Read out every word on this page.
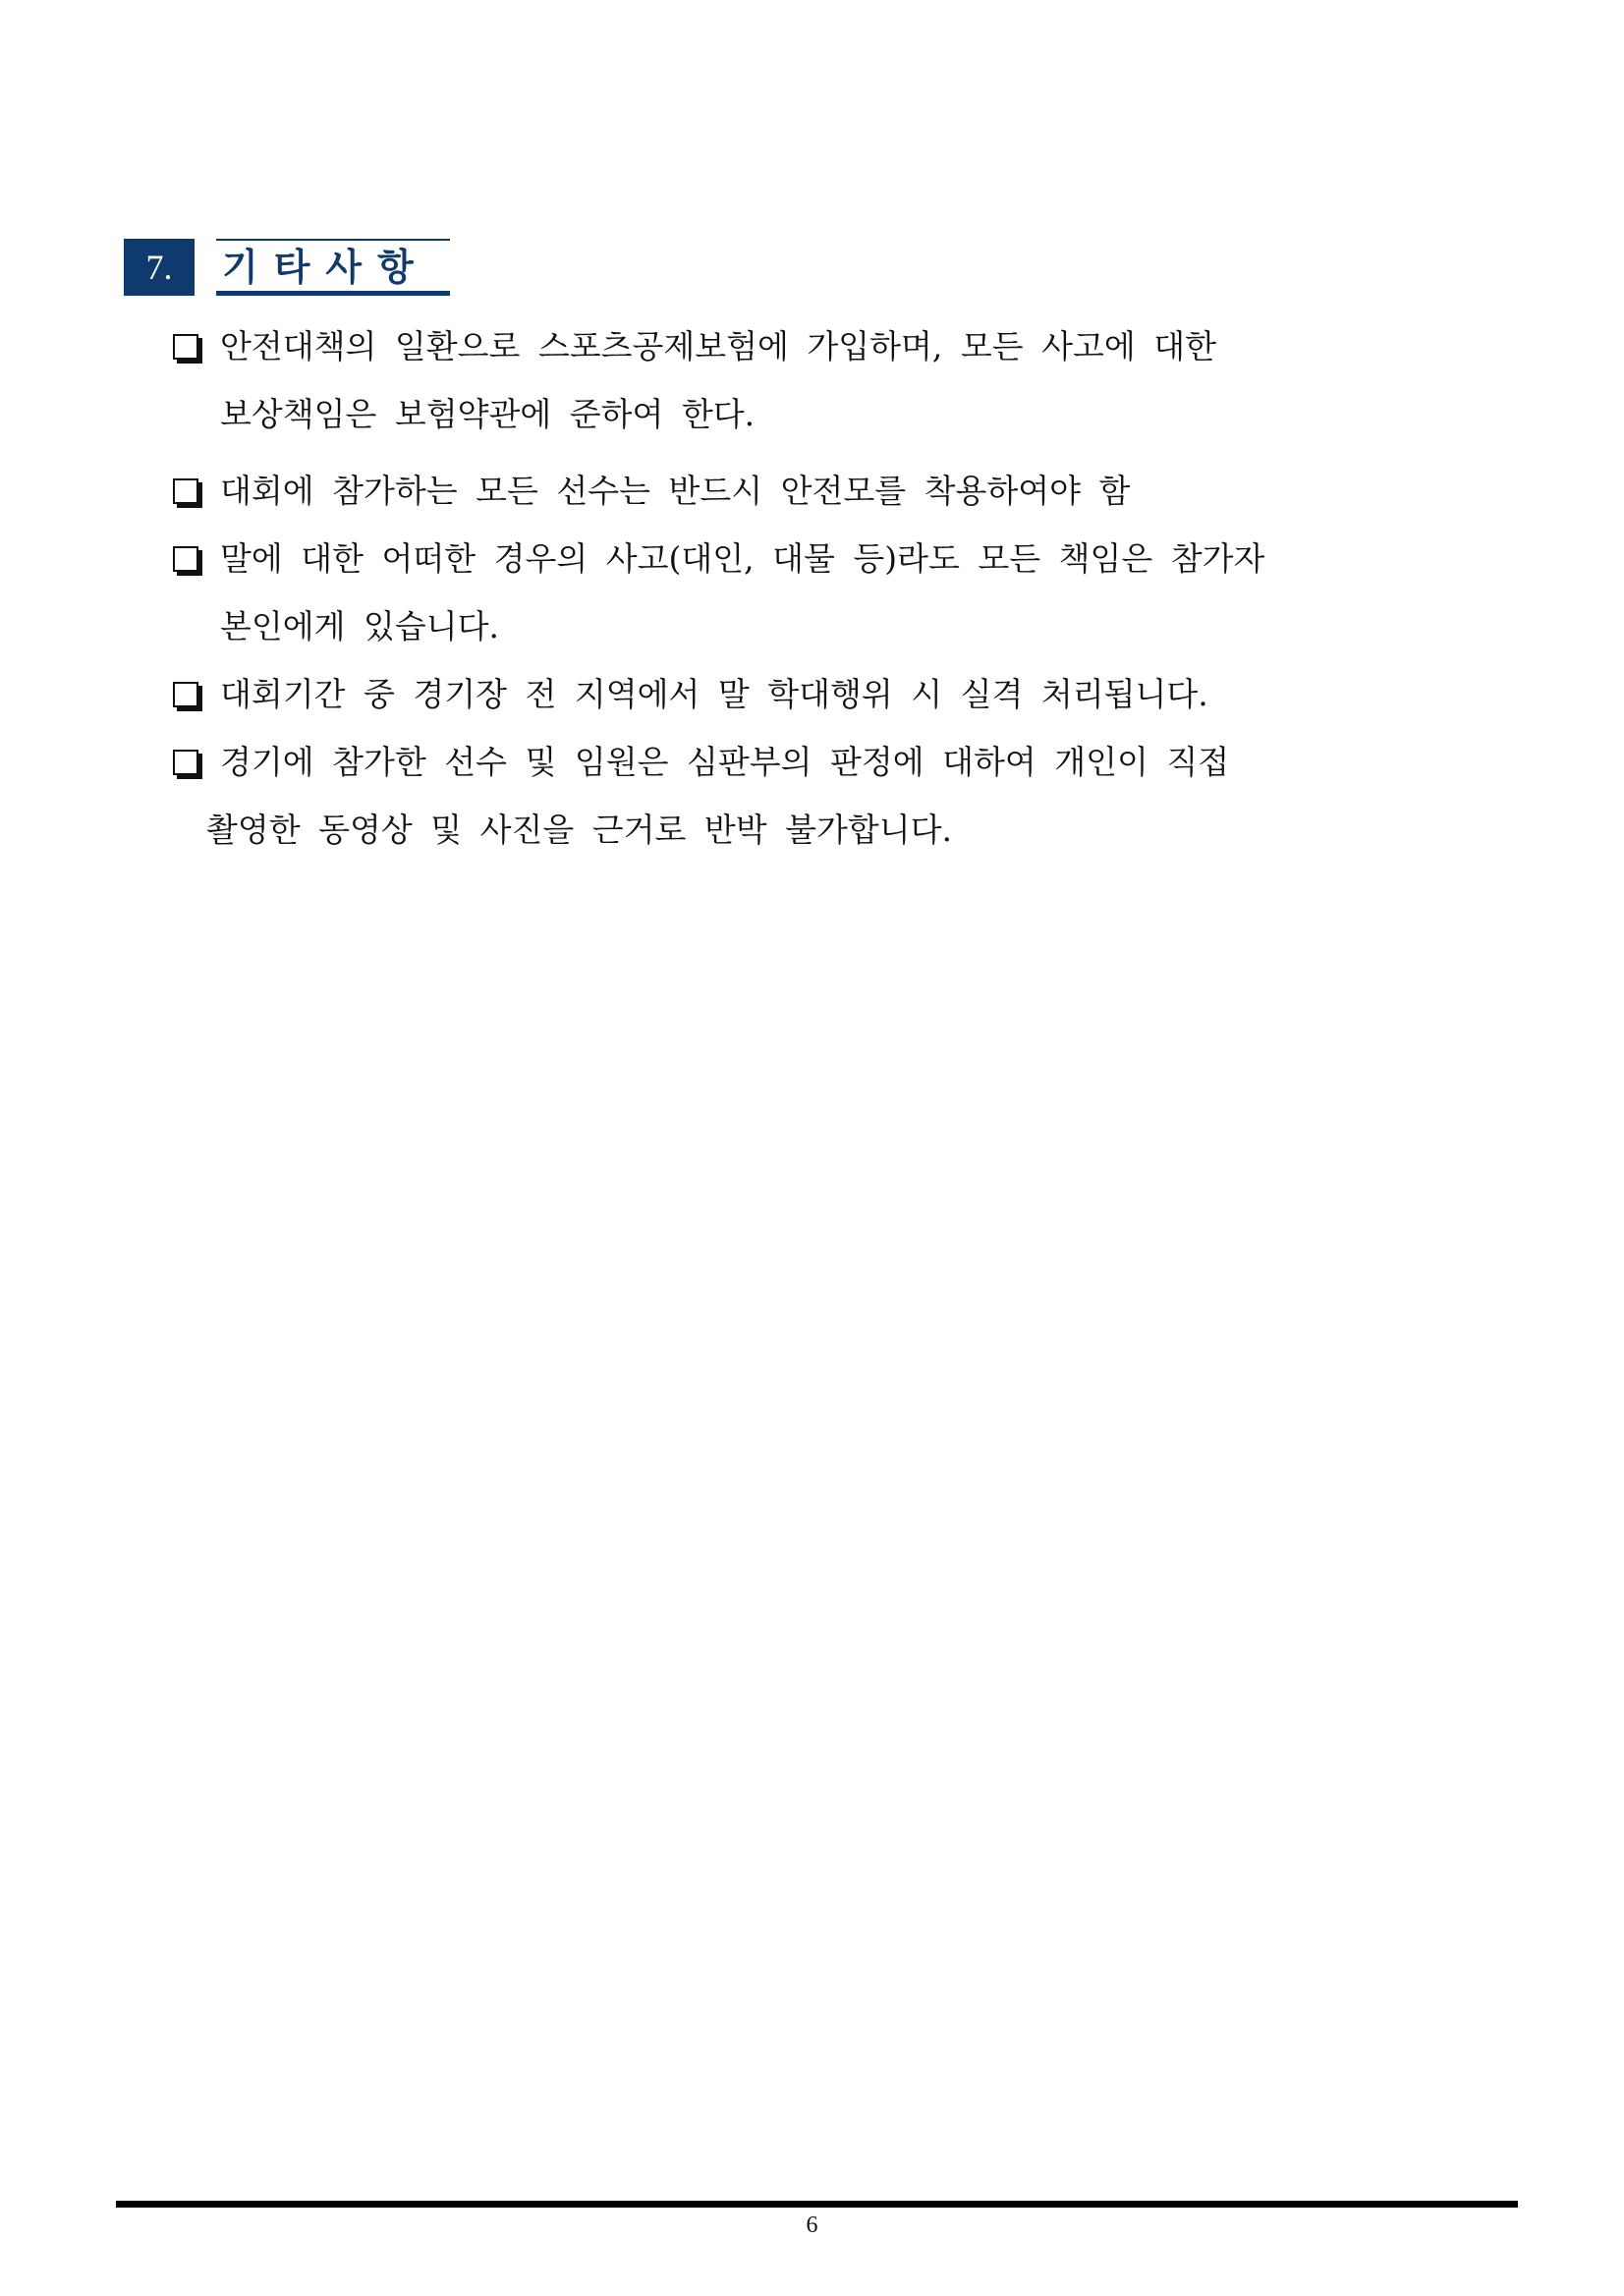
7. 기타사항
안전대책의 일환으로 스포츠공제보험에 가입하며, 모든 사고에 대한
보상책임은 보험약관에 준하여 한다.
대회에 참가하는 모든 선수는 반드시 안전모를 착용하여야 함
말에 대한 어떠한 경우의 사고(대인, 대물 등)라도 모든 책임은 참가자
본인에게 있습니다.
대회기간 중 경기장 전 지역에서 말 학대행위 시 실격 처리됩니다.
경기에 참가한 선수 및 임원은 심판부의 판정에 대하여 개인이 직접
촬영한 동영상 및 사진을 근거로 반박 불가합니다.
6
